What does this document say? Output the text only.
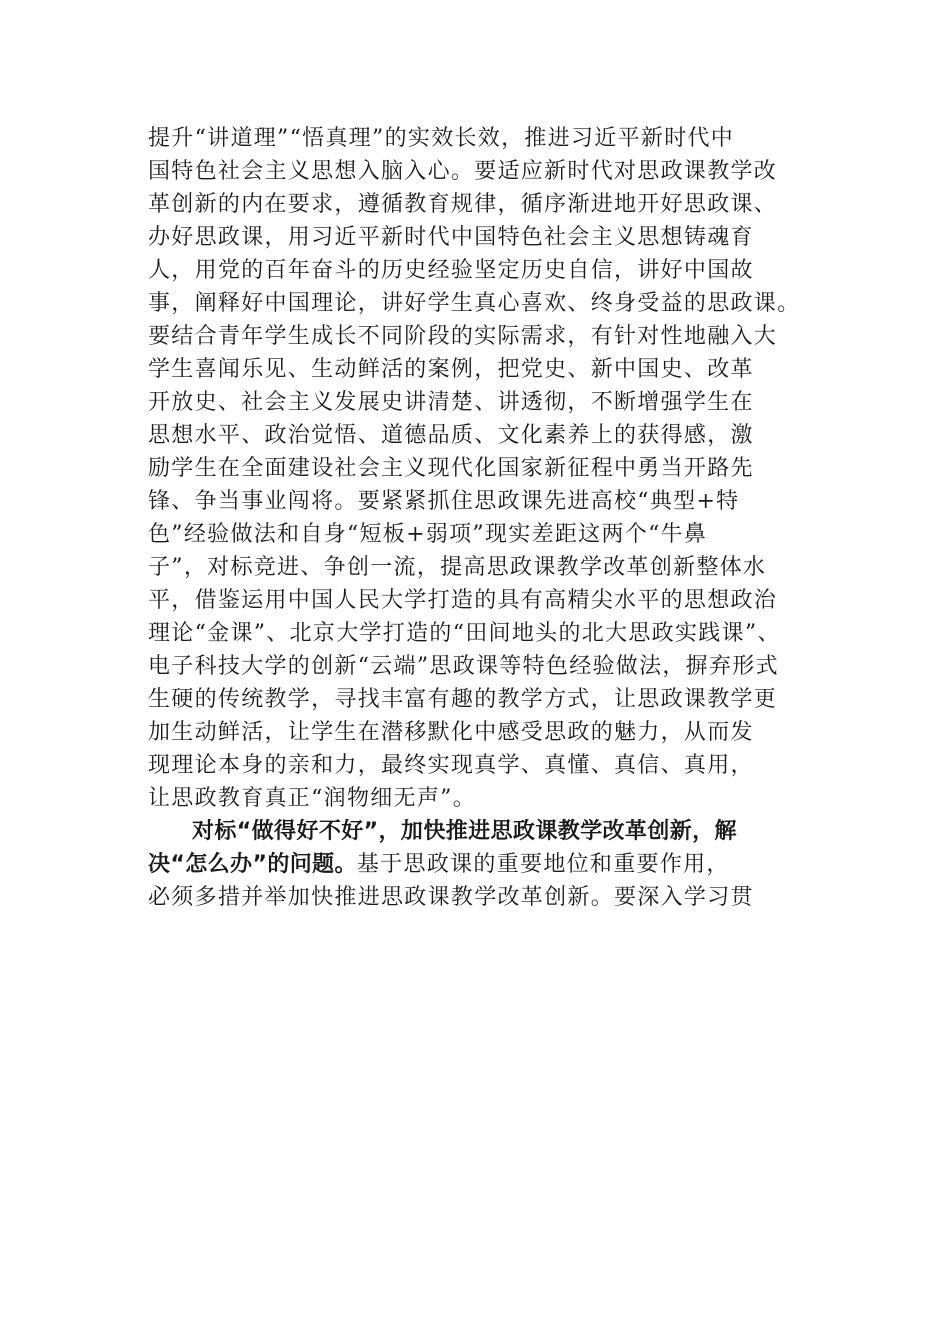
提升“讲道理”“悟真理”的实效长效，推进习近平新时代中
国特色社会主义思想入脑入心。要适应新时代对思政课教学改
革创新的内在要求，遵循教育规律，循序渐进地开好思政课、
办好思政课，用习近平新时代中国特色社会主义思想铸魂育
人，用党的百年奋斗的历史经验坚定历史自信，讲好中国故
事，阐释好中国理论，讲好学生真心喜欢、终身受益的思政课。
要结合青年学生成长不同阶段的实际需求，有针对性地融入大
学生喜闻乐见、生动鲜活的案例，把党史、新中国史、改革
开放史、社会主义发展史讲清楚、讲透彻，不断增强学生在
思想水平、政治觉悟、道德品质、文化素养上的获得感，激
励学生在全面建设社会主义现代化国家新征程中勇当开路先
锋、争当事业闯将。要紧紧抓住思政课先进高校“典型+特
色”经验做法和自身“短板+弱项”现实差距这两个“牛鼻
子”，对标竞进、争创一流，提高思政课教学改革创新整体水
平，借鉴运用中国人民大学打造的具有高精尖水平的思想政治
理论“金课”、北京大学打造的“田间地头的北大思政实践课”、
电子科技大学的创新“云端”思政课等特色经验做法，摒弃形式
生硬的传统教学，寻找丰富有趣的教学方式，让思政课教学更
加生动鲜活，让学生在潜移默化中感受思政的魅力，从而发
现理论本身的亲和力，最终实现真学、真懂、真信、真用，
让思政教育真正“润物细无声”。
对标“做得好不好”，加快推进思政课教学改革创新，解
决“怎么办”的问题。基于思政课的重要地位和重要作用，
必须多措并举加快推进思政课教学改革创新。要深入学习贯
